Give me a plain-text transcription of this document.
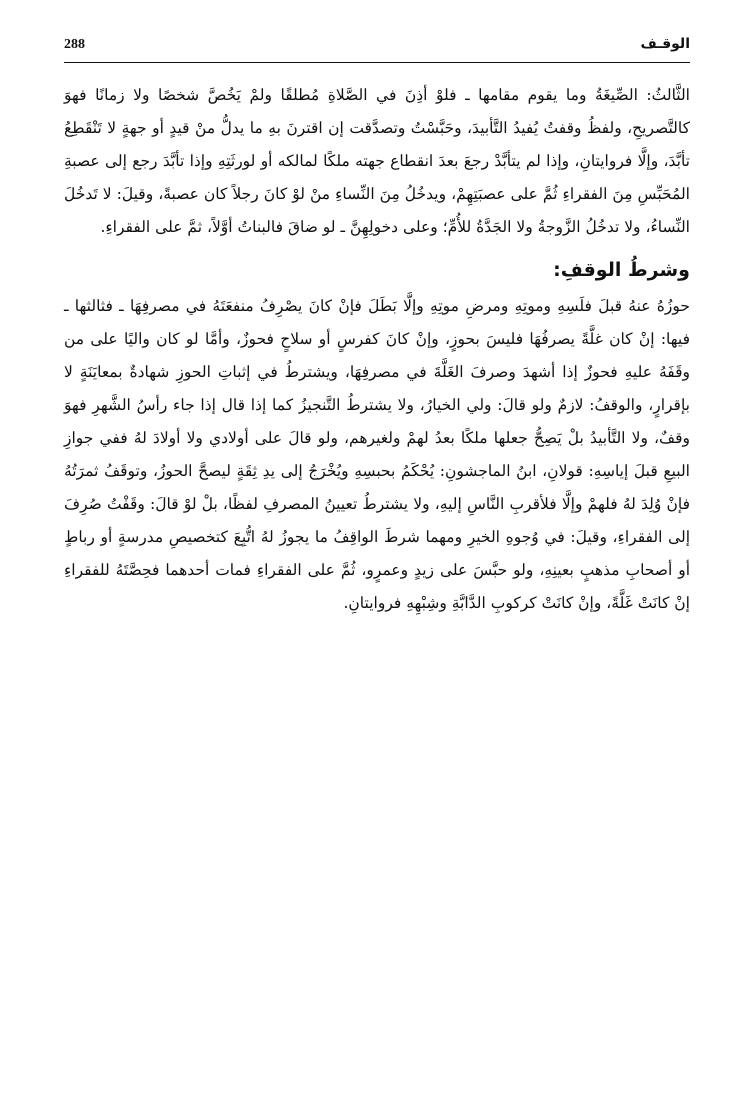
288	الوقـف

الثَّالثُ: الصِّيغَةُ وما يقوم مقامها ـ فلوْ أذِنَ في الصَّلاةِ مُطلقًا ولمْ يَخُصَّ شخصًا ولا زمانًا فهوَ كالتَّصريحِ، ولفظُ وقفتُ يُفيدُ التَّأبيدَ، وحَبَّسْتُ وتصدَّقت إن اقترنَ بهِ ما يدلُّ منْ قيدٍ أو جهةٍ لا تَنْقَطِعُ تأبَّدَ، وإلَّا فروايتانِ، وإذا لم يتأبَّدْ رجعَ بعدَ انقطاع جهته ملكًا لمالكه أو لورثَتِهِ وإذا تأبَّدَ رجع إلى عصبةِ المُحَبِّسِ مِنَ الفقراءِ ثُمَّ على عصبَتِهِمْ، ويدخُلُ مِنَ النِّساءِ منْ لوْ كانَ رجلاً كان عصبةً، وقيلَ: لا تَدخُلَ النِّساءُ، ولا تدخُلُ الزَّوجةُ ولا الجَدَّةُ للأُمِّ؛ وعلى دخولِهِنَّ ـ لو ضاقَ فالبناتُ أوَّلاً، ثمَّ على الفقراءِ.

وشرطُ الوقفِ:

حوزُهُ عنهُ قبلَ فلَسِهِ وموتِهِ ومرضِ موتِهِ وإلَّا بَطَلَ فإنْ كانَ يصْرِفُ منفعَتَهُ في مصرفِهَا ـ فثالثها ـ فيها: إنْ كان غلَّةً يصرفُهَا فليسَ بحوزٍ، وإنْ كانَ كفرسٍ أو سلاحٍ فحوزٌ، وأمَّا لو كان واليًا على من وقَفَهُ عليهِ فحوزٌ إذا أشهدَ وصرفَ الغَلَّةَ في مصرفِهَا، ويشترطُ في إثباتِ الحوزِ شهادةٌ بمعايَنَةٍ لا بإقرارٍ، والوقفُ: لازمٌ ولو قالَ: ولي الخيارُ، ولا يشترطُ التَّنجيزُ كما إذا قال إذا جاء رأسُ الشَّهرِ فهوَ وقفٌ، ولا التَّأبيدُ بلْ يَصِحُّ جعلها ملكًا بعدُ لهمْ ولغيرهم، ولو قالَ على أولادي ولا أولادَ لهُ ففي جوازِ البيعِ قبلَ إياسِهِ: قولانِ، ابنُ الماجشونِ: يُحْكَمُ بحبسِهِ ويُخْرَجُ إلى يدِ ثِقَةٍ ليصحَّ الحوزُ، وتوقَفُ ثمرَتُهُ فإنْ وُلِدَ لهُ فلهمْ وإلَّا فلأقربِ النَّاسِ إليهِ، ولا يشترطُ تعيينُ المصرفِ لفظًا، بلْ لوْ قالَ: وقَفْتُ صُرِفَ إلى الفقراءِ، وقيلَ: في وُجوهِ الخيرِ ومهما شرطَ الواقِفُ ما يجوزُ لهُ اتُّبِعَ كتخصيصِ مدرسةٍ أو رباطٍ أو أصحابِ مذهبٍ بعينِهِ، ولو حبَّسَ على زيدٍ وعمرٍو، ثُمَّ على الفقراءِ فمات أحدهما فحِصَّتَهُ للفقراءِ إنْ كانَتْ غَلَّةً، وإنْ كانَتْ كركوبِ الدَّابَّةِ وشِبْهِهِ فروايتانِ.
